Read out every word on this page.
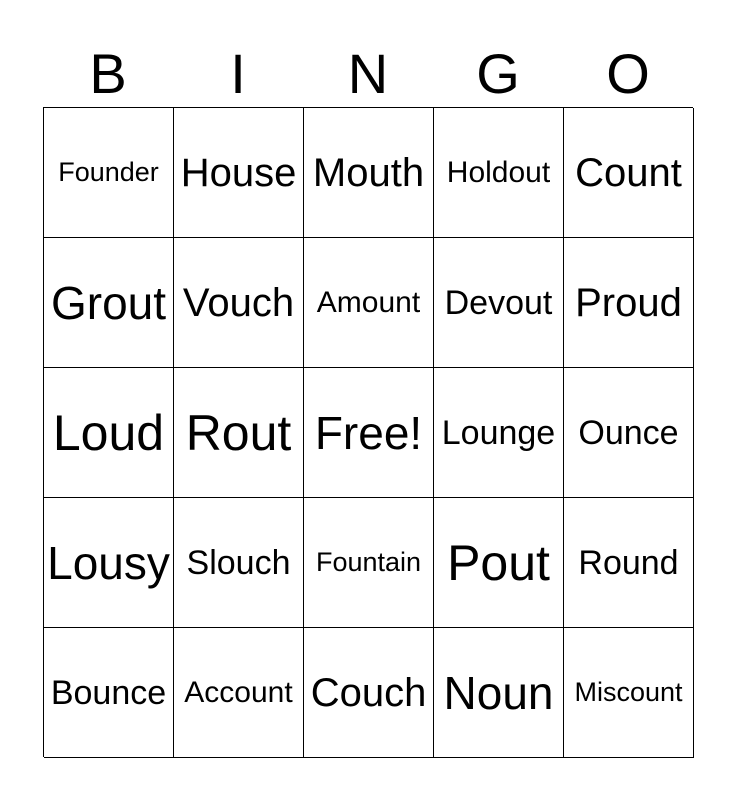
B	I	N	G	O
Founder House Mouth Holdout Count
Grout Vouch Amount Devout Proud
Loud Rout Free! Lounge Ounce
Lousy Slouch Fountain Pout Round
Bounce Account Couch Noun Miscount
